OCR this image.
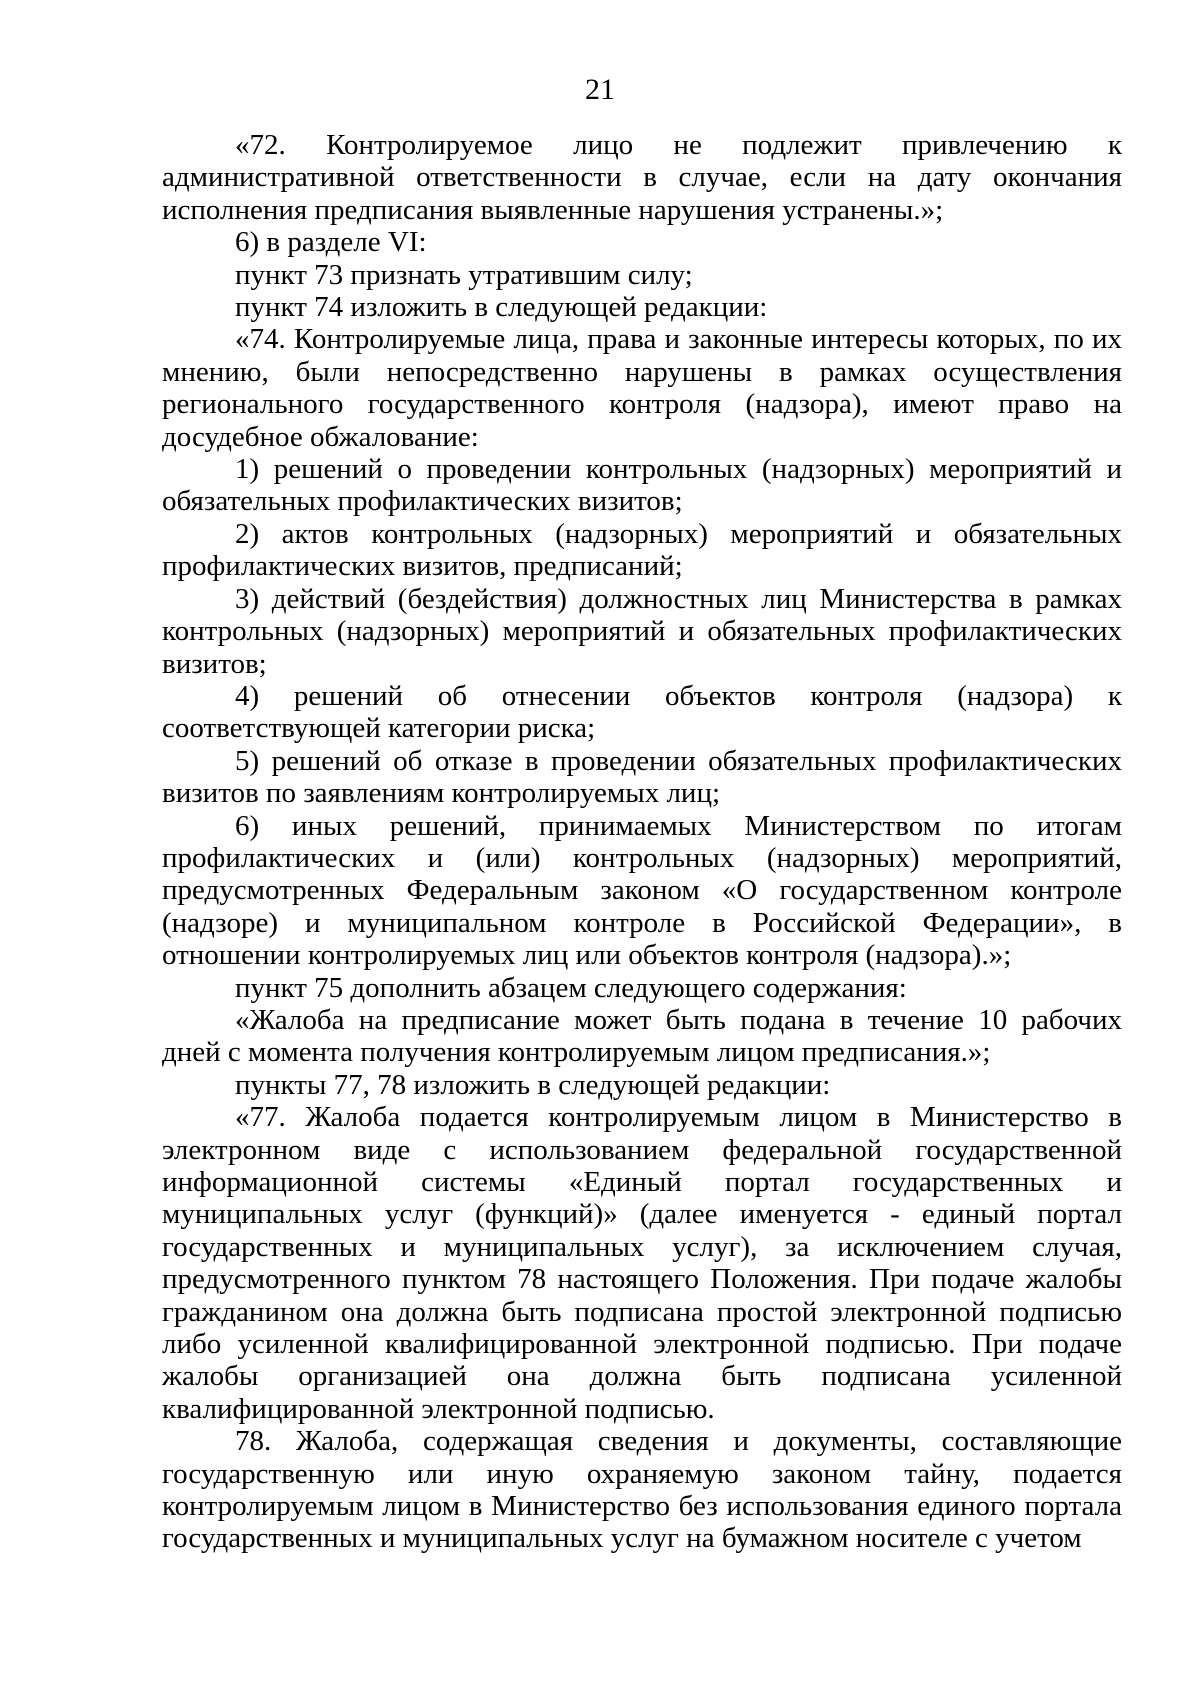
21

«72. Контролируемое лицо не подлежит привлечению к административной ответственности в случае, если на дату окончания исполнения предписания выявленные нарушения устранены.»;

6) в разделе VI:

пункт 73 признать утратившим силу;

пункт 74 изложить в следующей редакции:

«74. Контролируемые лица, права и законные интересы которых, по их мнению, были непосредственно нарушены в рамках осуществления регионального государственного контроля (надзора), имеют право на досудебное обжалование:

1) решений о проведении контрольных (надзорных) мероприятий и обязательных профилактических визитов;

2) актов контрольных (надзорных) мероприятий и обязательных профилактических визитов, предписаний;

3) действий (бездействия) должностных лиц Министерства в рамках контрольных (надзорных) мероприятий и обязательных профилактических визитов;

4) решений об отнесении объектов контроля (надзора) к соответствующей категории риска;

5) решений об отказе в проведении обязательных профилактических визитов по заявлениям контролируемых лиц;

6) иных решений, принимаемых Министерством по итогам профилактических и (или) контрольных (надзорных) мероприятий, предусмотренных Федеральным законом «О государственном контроле (надзоре) и муниципальном контроле в Российской Федерации», в отношении контролируемых лиц или объектов контроля (надзора).»;

пункт 75 дополнить абзацем следующего содержания:

«Жалоба на предписание может быть подана в течение 10 рабочих дней с момента получения контролируемым лицом предписания.»;

пункты 77, 78 изложить в следующей редакции:

«77. Жалоба подается контролируемым лицом в Министерство в электронном виде с использованием федеральной государственной информационной системы «Единый портал государственных и муниципальных услуг (функций)» (далее именуется - единый портал государственных и муниципальных услуг), за исключением случая, предусмотренного пунктом 78 настоящего Положения. При подаче жалобы гражданином она должна быть подписана простой электронной подписью либо усиленной квалифицированной электронной подписью. При подаче жалобы организацией она должна быть подписана усиленной квалифицированной электронной подписью.

78. Жалоба, содержащая сведения и документы, составляющие государственную или иную охраняемую законом тайну, подается контролируемым лицом в Министерство без использования единого портала государственных и муниципальных услуг на бумажном носителе с учетом
